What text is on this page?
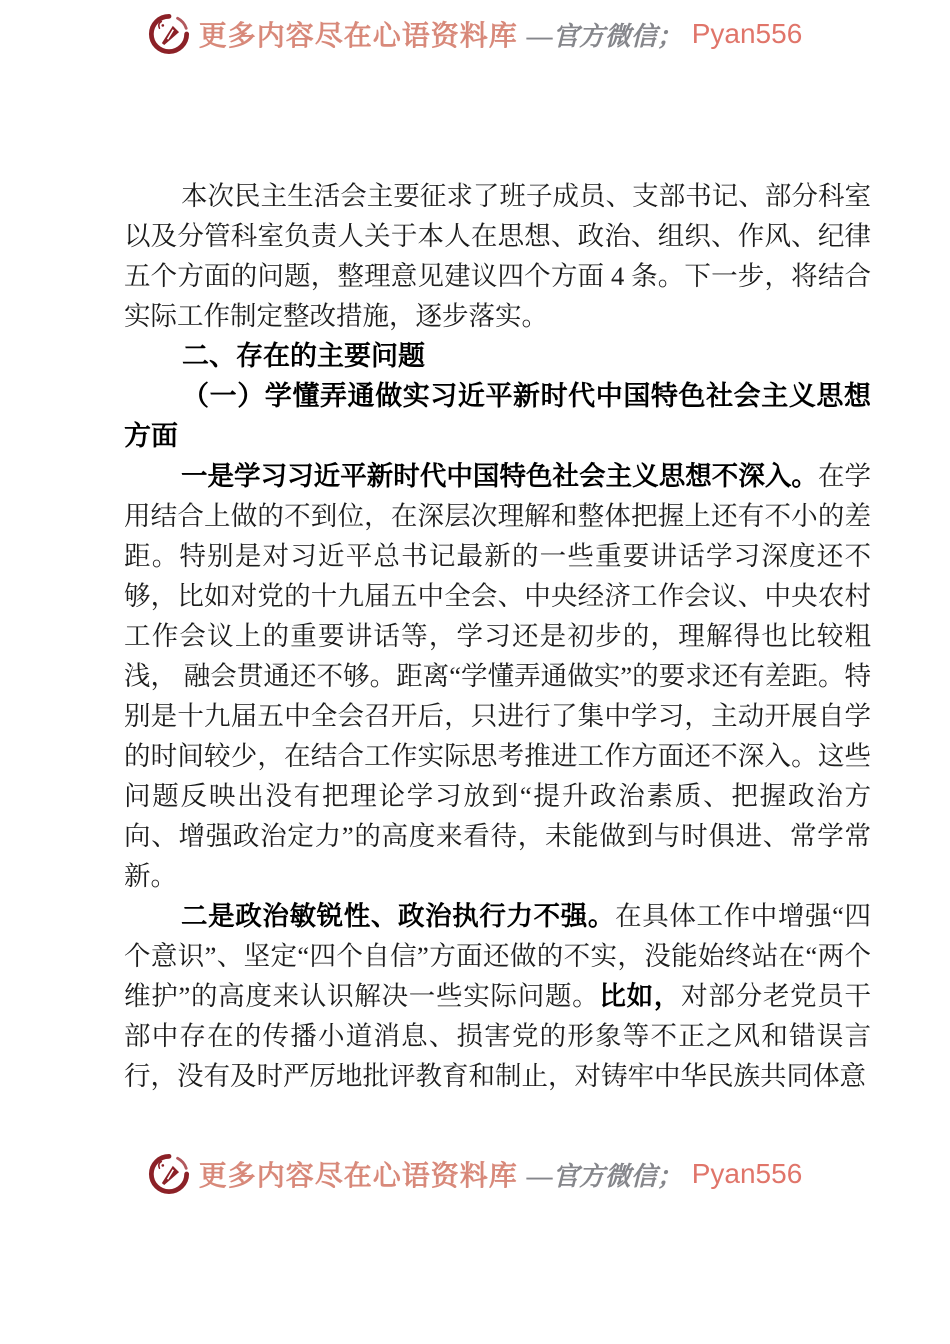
更多内容尽在心语资料库 —官方微信； Pyan556

本次民主生活会主要征求了班子成员、支部书记、部分科室以及分管科室负责人关于本人在思想、政治、组织、作风、纪律五个方面的问题，整理意见建议四个方面 4 条。下一步，将结合实际工作制定整改措施，逐步落实。

二、存在的主要问题

（一）学懂弄通做实习近平新时代中国特色社会主义思想方面

一是学习习近平新时代中国特色社会主义思想不深入。在学用结合上做的不到位，在深层次理解和整体把握上还有不小的差距。特别是对习近平总书记最新的一些重要讲话学习深度还不够，比如对党的十九届五中全会、中央经济工作会议、中央农村工作会议上的重要讲话等，学习还是初步的，理解得也比较粗浅， 融会贯通还不够。距离“学懂弄通做实”的要求还有差距。特别是十九届五中全会召开后，只进行了集中学习，主动开展自学的时间较少，在结合工作实际思考推进工作方面还不深入。这些问题反映出没有把理论学习放到“提升政治素质、把握政治方向、增强政治定力”的高度来看待，未能做到与时俱进、常学常新。

二是政治敏锐性、政治执行力不强。在具体工作中增强“四个意识”、坚定“四个自信”方面还做的不实，没能始终站在“两个维护”的高度来认识解决一些实际问题。比如，对部分老党员干部中存在的传播小道消息、损害党的形象等不正之风和错误言行，没有及时严厉地批评教育和制止，对铸牢中华民族共同体意

更多内容尽在心语资料库 —官方微信； Pyan556
